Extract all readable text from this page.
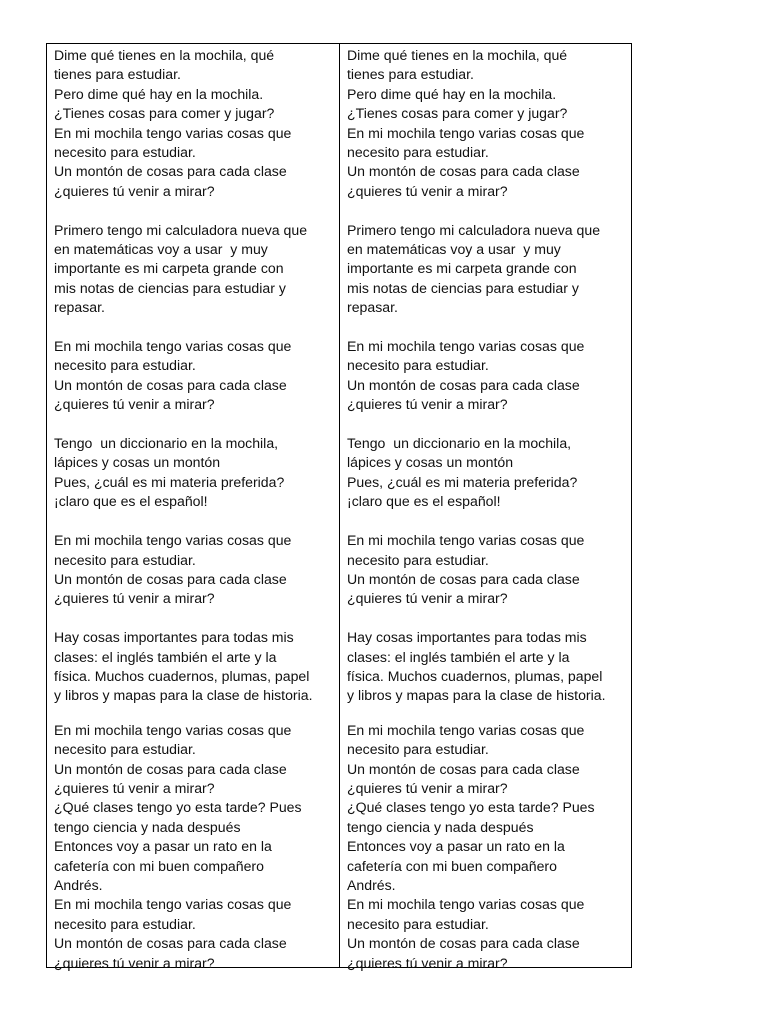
Dime qué tienes en la mochila, qué
tienes para estudiar.
Pero dime qué hay en la mochila.
¿Tienes cosas para comer y jugar?
En mi mochila tengo varias cosas que
necesito para estudiar.
Un montón de cosas para cada clase
¿quieres tú venir a mirar?
Primero tengo mi calculadora nueva que
en matemáticas voy a usar  y muy
importante es mi carpeta grande con
mis notas de ciencias para estudiar y
repasar.
En mi mochila tengo varias cosas que
necesito para estudiar.
Un montón de cosas para cada clase
¿quieres tú venir a mirar?
Tengo  un diccionario en la mochila,
lápices y cosas un montón
Pues, ¿cuál es mi materia preferida?
¡claro que es el español!
En mi mochila tengo varias cosas que
necesito para estudiar.
Un montón de cosas para cada clase
¿quieres tú venir a mirar?
Hay cosas importantes para todas mis
clases: el inglés también el arte y la
física. Muchos cuadernos, plumas, papel
y libros y mapas para la clase de historia.
En mi mochila tengo varias cosas que
necesito para estudiar.
Un montón de cosas para cada clase
¿quieres tú venir a mirar?
¿Qué clases tengo yo esta tarde? Pues
tengo ciencia y nada después
Entonces voy a pasar un rato en la
cafetería con mi buen compañero
Andrés.
En mi mochila tengo varias cosas que
necesito para estudiar.
Un montón de cosas para cada clase
¿quieres tú venir a mirar?
Dime qué tienes en la mochila, qué
tienes para estudiar.
Pero dime qué hay en la mochila.
¿Tienes cosas para comer y jugar?
En mi mochila tengo varias cosas que
necesito para estudiar.
Un montón de cosas para cada clase
¿quieres tú venir a mirar?
Primero tengo mi calculadora nueva que
en matemáticas voy a usar  y muy
importante es mi carpeta grande con
mis notas de ciencias para estudiar y
repasar.
En mi mochila tengo varias cosas que
necesito para estudiar.
Un montón de cosas para cada clase
¿quieres tú venir a mirar?
Tengo  un diccionario en la mochila,
lápices y cosas un montón
Pues, ¿cuál es mi materia preferida?
¡claro que es el español!
En mi mochila tengo varias cosas que
necesito para estudiar.
Un montón de cosas para cada clase
¿quieres tú venir a mirar?
Hay cosas importantes para todas mis
clases: el inglés también el arte y la
física. Muchos cuadernos, plumas, papel
y libros y mapas para la clase de historia.
En mi mochila tengo varias cosas que
necesito para estudiar.
Un montón de cosas para cada clase
¿quieres tú venir a mirar?
¿Qué clases tengo yo esta tarde? Pues
tengo ciencia y nada después
Entonces voy a pasar un rato en la
cafetería con mi buen compañero
Andrés.
En mi mochila tengo varias cosas que
necesito para estudiar.
Un montón de cosas para cada clase
¿quieres tú venir a mirar?
